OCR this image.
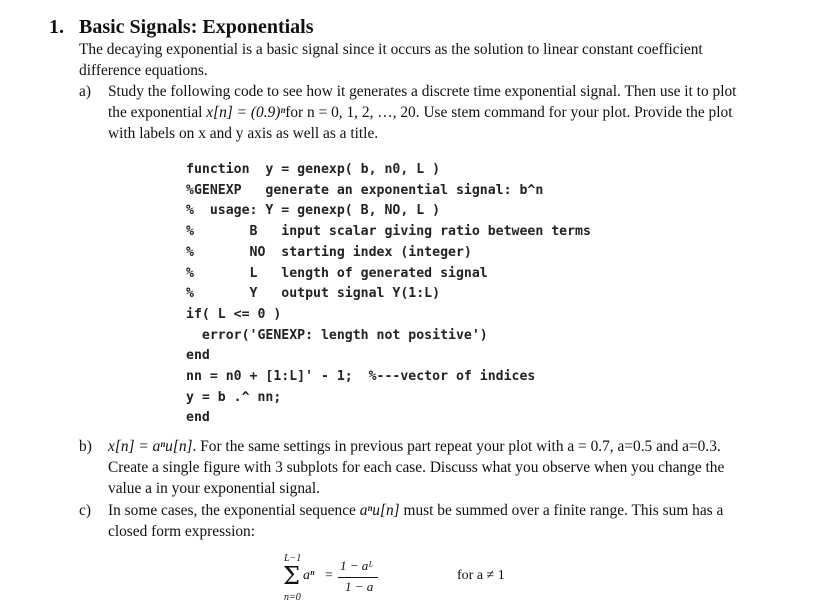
1. Basic Signals: Exponentials
The decaying exponential is a basic signal since it occurs as the solution to linear constant coefficient
difference equations.
a) Study the following code to see how it generates a discrete time exponential signal. Then use it to plot
the exponential x[n] = (0.9)ⁿfor n = 0, 1, 2, …, 20. Use stem command for your plot. Provide the plot
with labels on x and y axis as well as a title.
function  y = genexp( b, n0, L )
%GENEXP   generate an exponential signal: b^n
%  usage: Y = genexp( B, NO, L )
%       B   input scalar giving ratio between terms
%       NO  starting index (integer)
%       L   length of generated signal
%       Y   output signal Y(1:L)
if( L <= 0 )
error('GENEXP: length not positive')
end
nn = n0 + [1:L]' - 1;  %---vector of indices
y = b .^ nn;
end
b) x[n] = aⁿu[n]. For the same settings in previous part repeat your plot with a = 0.7, a=0.5 and a=0.3.
Create a single figure with 3 subplots for each case. Discuss what you observe when you change the
value a in your exponential signal.
c) In some cases, the exponential sequence aⁿu[n] must be summed over a finite range. This sum has a
closed form expression:
L−1
Σ
n=0
aⁿ =
1 − aᴸ
1 − a
for a ≠ 1
